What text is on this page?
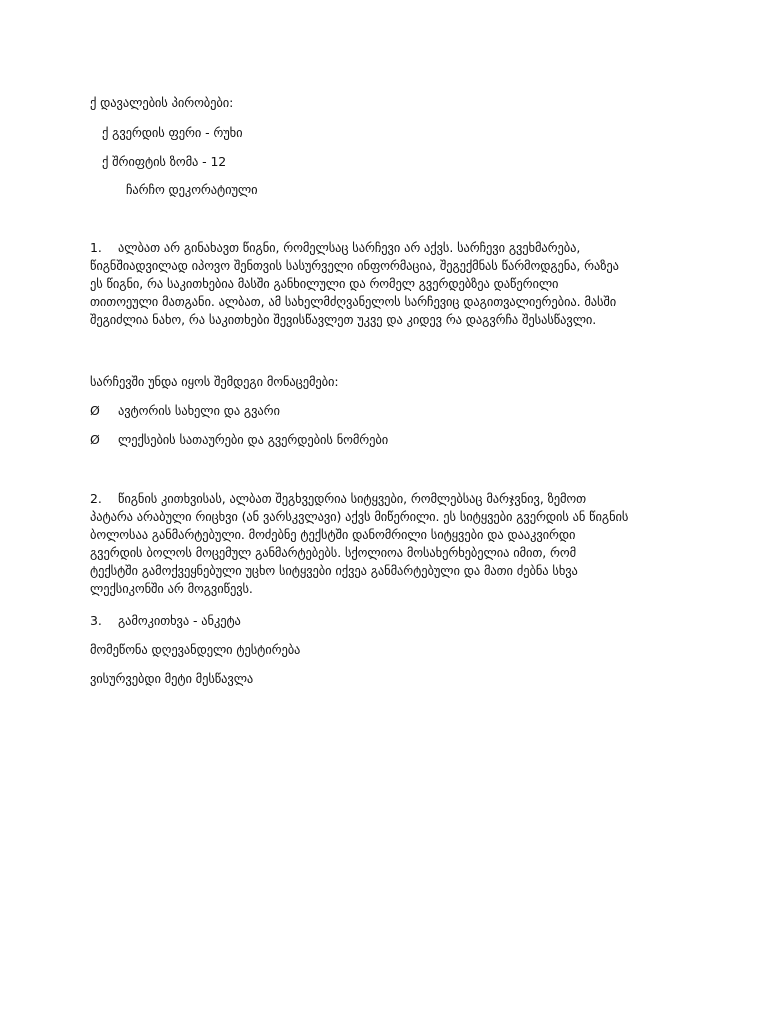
ქ დავალების პირობები:
ქ გვერდის ფერი - რუხი
ქ შრიფტის ზომა - 12
ჩარჩო დეკორატიული

1. ალბათ არ გინახავთ წიგნი, რომელსაც სარჩევი არ აქვს. სარჩევი გვეხმარება,

წიგნშიადვილად იპოვო შენთვის სასურველი ინფორმაცია, შეგექმნას წარმოდგენა, რაზეა

ეს წიგნი, რა საკითხებია მასში განხილული და რომელ გვერდებზეა დაწერილი

თითოეული მათგანი. ალბათ, ამ სახელმძღვანელოს სარჩევიც დაგითვალიერებია. მასში

შეგიძლია ნახო, რა საკითხები შევისწავლეთ უკვე და კიდევ რა დაგვრჩა შესასწავლი.

სარჩევში უნდა იყოს შემდეგი მონაცემები:
Ø ავტორის სახელი და გვარი
Ø ლექსების სათაურები და გვერდების ნომრები

2. წიგნის კითხვისას, ალბათ შეგხვედრია სიტყვები, რომლებსაც მარჯვნივ, ზემოთ

პატარა არაბული რიცხვი (ან ვარსკვლავი) აქვს მიწერილი. ეს სიტყვები გვერდის ან წიგნის

ბოლოსაა განმარტებული. მოძებნე ტექსტში დანომრილი სიტყვები და დააკვირდი

გვერდის ბოლოს მოცემულ განმარტებებს. სქოლიოა მოსახერხებელია იმით, რომ

ტექსტში გამოქვეყნებული უცხო სიტყვები იქვეა განმარტებული და მათი ძებნა სხვა

ლექსიკონში არ მოგვიწევს.

3. გამოკითხვა - ანკეტა
მომეწონა დღევანდელი ტესტირება
ვისურვებდი მეტი მესწავლა
